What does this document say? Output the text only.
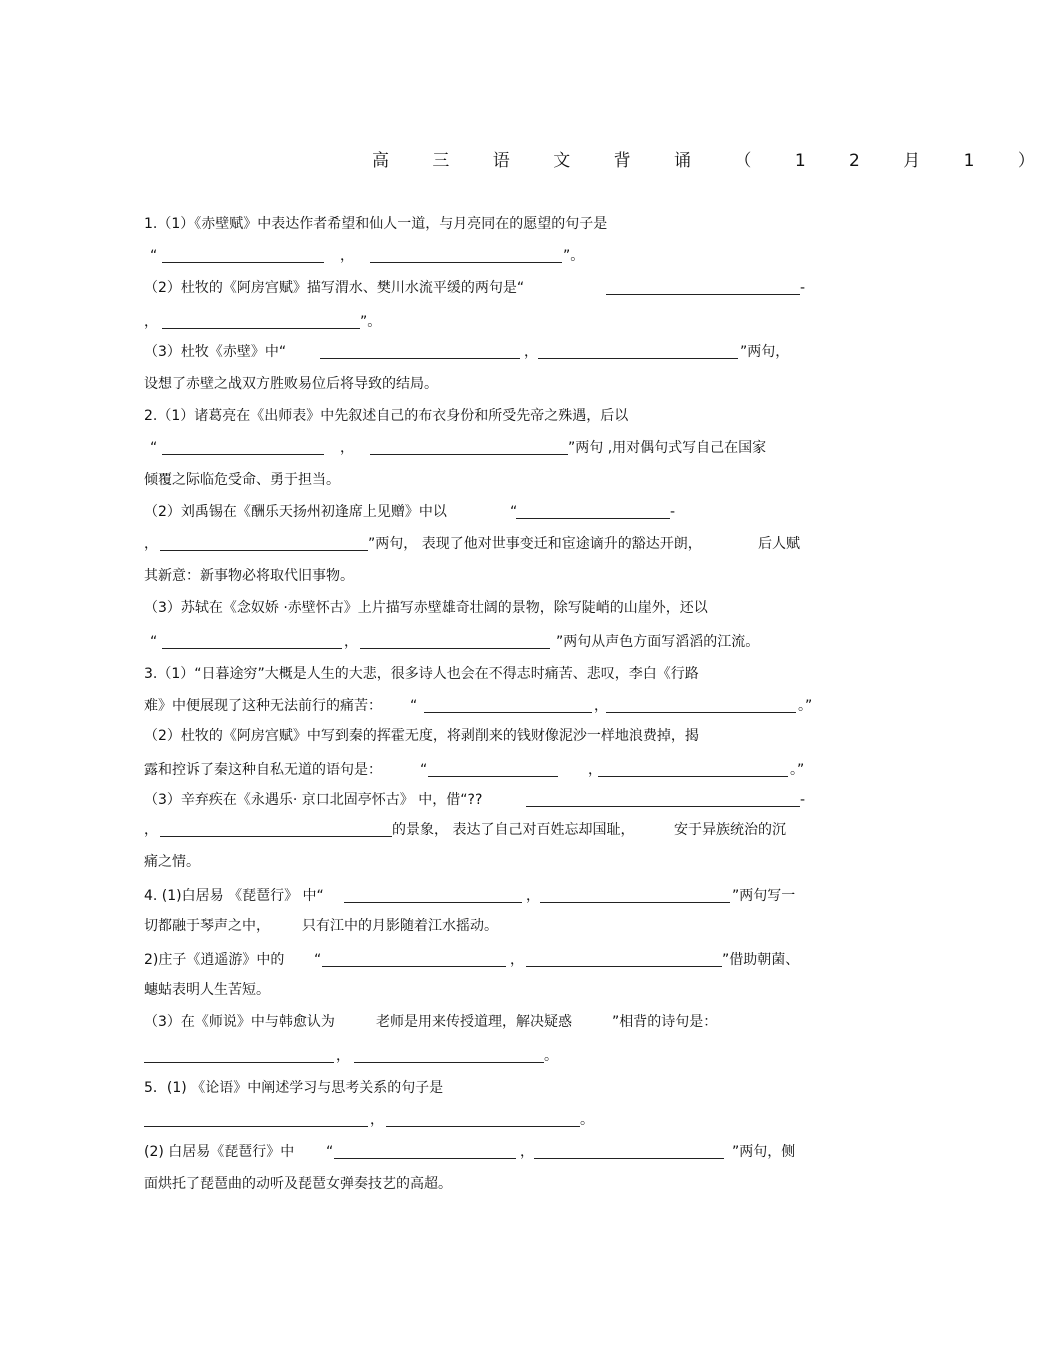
高 三 语 文 背 诵 （ 1 2 月 1 ）
1.（1）《赤壁赋》中表达作者希望和仙人一道，与月亮同在的愿望的句子是
“	，	”。
（2）杜牧的《阿房宫赋》描写渭水、樊川水流平缓的两句是“	-
，	”。
（3）杜牧《赤壁》中“	，	”两句，
设想了赤壁之战双方胜败易位后将导致的结局。
2.（1）诸葛亮在《出师表》中先叙述自己的布衣身份和所受先帝之殊遇，后以
“	，	”两句 ,用对偶句式写自己在国家
倾覆之际临危受命、勇于担当。
（2）刘禹锡在《酬乐天扬州初逢席上见赠》中以	“	-
，	”两句， 表现了他对世事变迁和宦途谪升的豁达开朗，	后人赋
其新意：新事物必将取代旧事物。
（3）苏轼在《念奴娇 ·赤壁怀古》上片描写赤壁雄奇壮阔的景物，除写陡峭的山崖外，还以
“	，	”两句从声色方面写滔滔的江流。
3.（1）“日暮途穷”大概是人生的大悲，很多诗人也会在不得志时痛苦、悲叹，李白《行路
难》中便展现了这种无法前行的痛苦： “	，	。”
（2）杜牧的《阿房宫赋》中写到秦的挥霍无度，将剥削来的钱财像泥沙一样地浪费掉，揭
露和控诉了秦这种自私无道的语句是：	“	，	。”
（3）辛弃疾在《永遇乐· 京口北固亭怀古》 中，借“??	-
，	的景象， 表达了自己对百姓忘却国耻，	安于异族统治的沉
痛之情。
4. (1)白居易 《琵琶行》 中“	，	”两句写一
切都融于琴声之中， 只有江中的月影随着江水摇动。
2)庄子《逍遥游》中的 “	，	”借助朝菌、
蟪蛄表明人生苦短。
（3）在《师说》中与韩愈认为	老师是用来传授道理，解决疑惑	”相背的诗句是：
，	。
5．(1) 《论语》中阐述学习与思考关系的句子是
，	。
(2) 白居易《琵琶行》中 “	，	”两句，侧
面烘托了琵琶曲的动听及琵琶女弹奏技艺的高超。
